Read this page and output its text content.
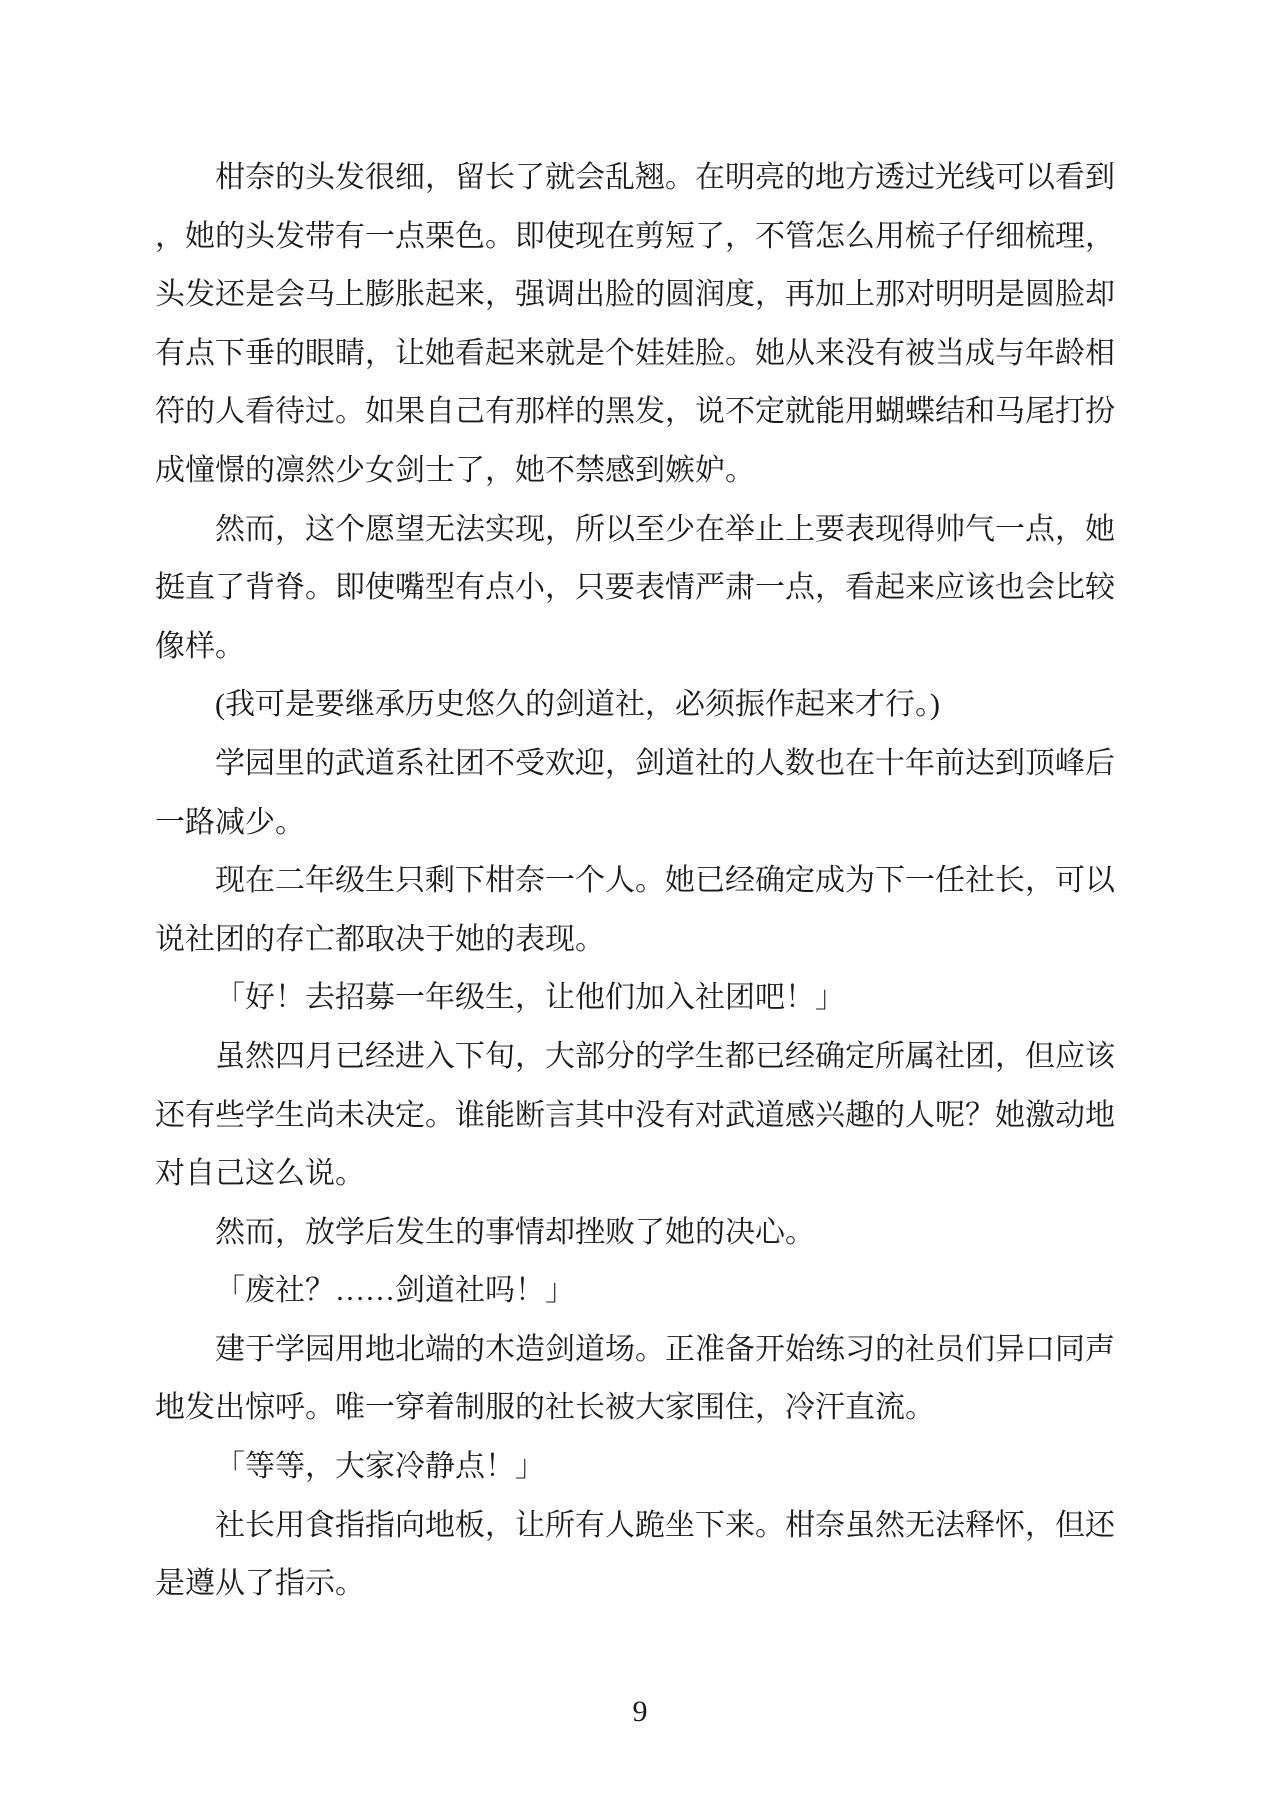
柑奈的头发很细，留长了就会乱翘。在明亮的地方透过光线可以看到
，她的头发带有一点栗色。即使现在剪短了，不管怎么用梳子仔细梳理，
头发还是会马上膨胀起来，强调出脸的圆润度，再加上那对明明是圆脸却
有点下垂的眼睛，让她看起来就是个娃娃脸。她从来没有被当成与年龄相
符的人看待过。如果自己有那样的黑发，说不定就能用蝴蝶结和马尾打扮
成憧憬的凛然少女剑士了，她不禁感到嫉妒。
然而，这个愿望无法实现，所以至少在举止上要表现得帅气一点，她
挺直了背脊。即使嘴型有点小，只要表情严肃一点，看起来应该也会比较
像样。
(我可是要继承历史悠久的剑道社，必须振作起来才行。)
学园里的武道系社团不受欢迎，剑道社的人数也在十年前达到顶峰后
一路减少。
现在二年级生只剩下柑奈一个人。她已经确定成为下一任社长，可以
说社团的存亡都取决于她的表现。
「好！去招募一年级生，让他们加入社团吧！」
虽然四月已经进入下旬，大部分的学生都已经确定所属社团，但应该
还有些学生尚未决定。谁能断言其中没有对武道感兴趣的人呢？她激动地
对自己这么说。
然而，放学后发生的事情却挫败了她的决心。
「废社？……剑道社吗！」
建于学园用地北端的木造剑道场。正准备开始练习的社员们异口同声
地发出惊呼。唯一穿着制服的社长被大家围住，冷汗直流。
「等等，大家冷静点！」
社长用食指指向地板，让所有人跪坐下来。柑奈虽然无法释怀，但还
是遵从了指示。
9
